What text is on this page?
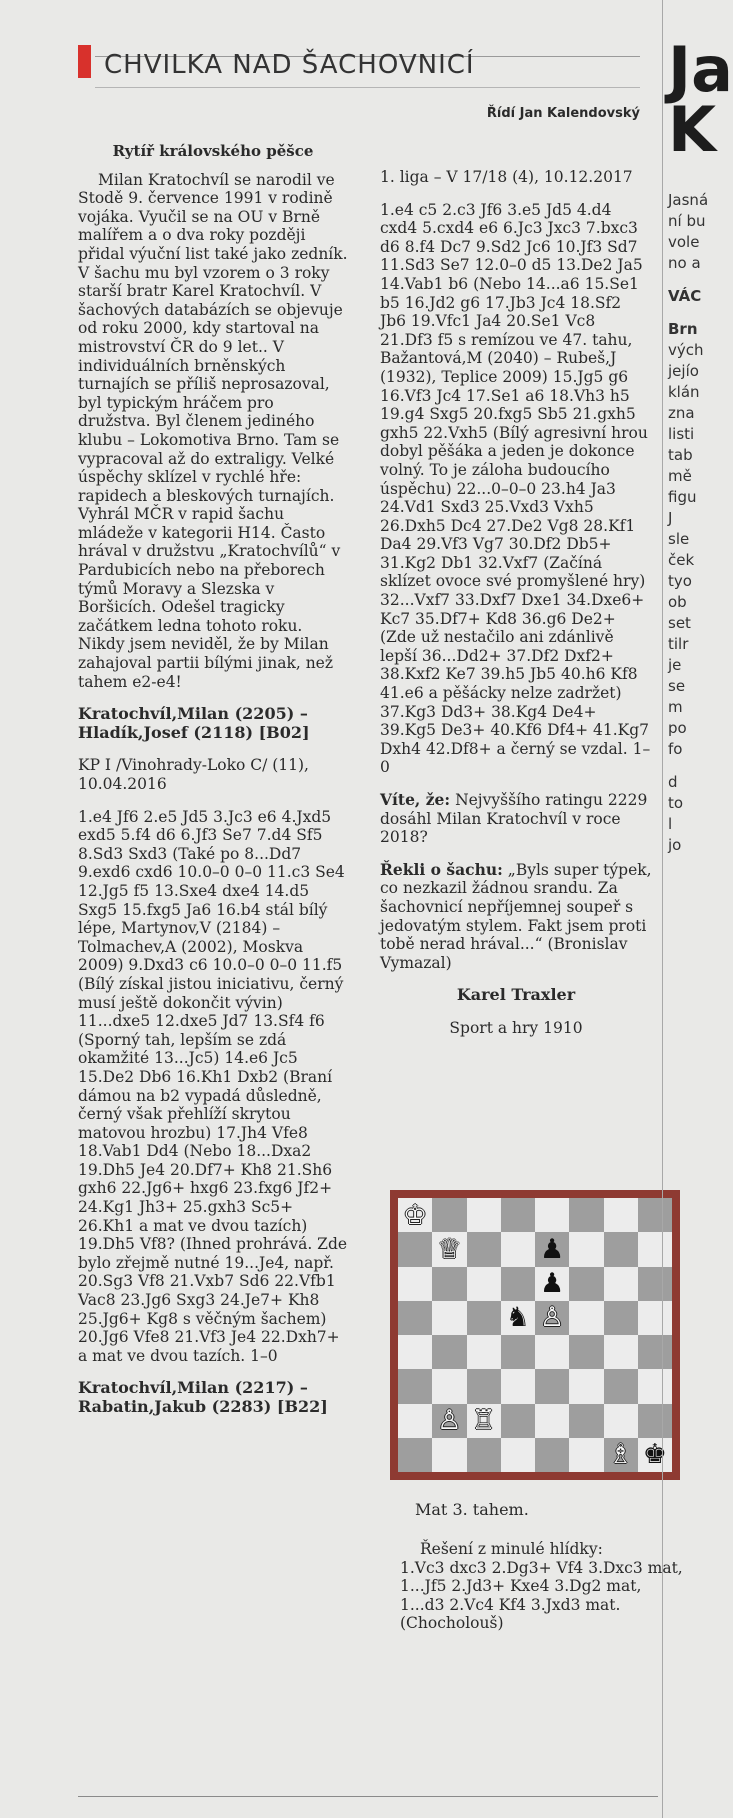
CHVILKA NAD ŠACHOVNICÍ
Řídí Jan Kalendovský

Rytíř královského pěšce

Milan Kratochvíl se narodil ve Stodě 9. července 1991 v rodině vojáka. Vyučil se na OU v Brně malířem a o dva roky později přidal výuční list také jako zedník. V šachu mu byl vzorem o 3 roky starší bratr Karel Kratochvíl. V šachových databázích se objevuje od roku 2000, kdy startoval na mistrovství ČR do 9 let.. V individuálních brněnských turnajích se příliš neprosazoval, byl typickým hráčem pro družstva. Byl členem jediného klubu – Lokomotiva Brno. Tam se vypracoval až do extraligy. Velké úspěchy sklízel v rychlé hře: rapidech a bleskových turnajích. Vyhrál MČR v rapid šachu mládeže v kategorii H14. Často hrával v družstvu „Kratochvílů“ v Pardubicích nebo na přeborech týmů Moravy a Slezska v Boršicích. Odešel tragicky začátkem ledna tohoto roku. Nikdy jsem neviděl, že by Milan zahajoval partii bílými jinak, než tahem e2-e4!

Kratochvíl,Milan (2205) – Hladík,Josef (2118) [B02]

KP I /Vinohrady-Loko C/ (11), 10.04.2016

1.e4 Jf6 2.e5 Jd5 3.Jc3 e6 4.Jxd5 exd5 5.f4 d6 6.Jf3 Se7 7.d4 Sf5 8.Sd3 Sxd3 (Také po 8...Dd7 9.exd6 cxd6 10.0–0 0–0 11.c3 Se4 12.Jg5 f5 13.Sxe4 dxe4 14.d5 Sxg5 15.fxg5 Ja6 16.b4 stál bílý lépe, Martynov,V (2184) – Tolmachev,A (2002), Moskva 2009) 9.Dxd3 c6 10.0–0 0–0 11.f5 (Bílý získal jistou iniciativu, černý musí ještě dokončit vývin) 11...dxe5 12.dxe5 Jd7 13.Sf4 f6 (Sporný tah, lepším se zdá okamžité 13...Jc5) 14.e6 Jc5 15.De2 Db6 16.Kh1 Dxb2 (Braní dámou na b2 vypadá důsledně, černý však přehlíží skrytou matovou hrozbu) 17.Jh4 Vfe8 18.Vab1 Dd4 (Nebo 18...Dxa2 19.Dh5 Je4 20.Df7+ Kh8 21.Sh6 gxh6 22.Jg6+ hxg6 23.fxg6 Jf2+ 24.Kg1 Jh3+ 25.gxh3 Sc5+ 26.Kh1 a mat ve dvou tazích) 19.Dh5 Vf8? (Ihned prohrává. Zde bylo zřejmě nutné 19...Je4, např. 20.Sg3 Vf8 21.Vxb7 Sd6 22.Vfb1 Vac8 23.Jg6 Sxg3 24.Je7+ Kh8 25.Jg6+ Kg8 s věčným šachem) 20.Jg6 Vfe8 21.Vf3 Je4 22.Dxh7+ a mat ve dvou tazích. 1–0

Kratochvíl,Milan (2217) – Rabatin,Jakub (2283) [B22]

1. liga – V 17/18 (4), 10.12.2017

1.e4 c5 2.c3 Jf6 3.e5 Jd5 4.d4 cxd4 5.cxd4 e6 6.Jc3 Jxc3 7.bxc3 d6 8.f4 Dc7 9.Sd2 Jc6 10.Jf3 Sd7 11.Sd3 Se7 12.0–0 d5 13.De2 Ja5 14.Vab1 b6 (Nebo 14...a6 15.Se1 b5 16.Jd2 g6 17.Jb3 Jc4 18.Sf2 Jb6 19.Vfc1 Ja4 20.Se1 Vc8 21.Df3 f5 s remízou ve 47. tahu, Bažantová,M (2040) – Rubeš,J (1932), Teplice 2009) 15.Jg5 g6 16.Vf3 Jc4 17.Se1 a6 18.Vh3 h5 19.g4 Sxg5 20.fxg5 Sb5 21.gxh5 gxh5 22.Vxh5 (Bílý agresivní hrou dobyl pěšáka a jeden je dokonce volný. To je záloha budoucího úspěchu) 22...0–0–0 23.h4 Ja3 24.Vd1 Sxd3 25.Vxd3 Vxh5 26.Dxh5 Dc4 27.De2 Vg8 28.Kf1 Da4 29.Vf3 Vg7 30.Df2 Db5+ 31.Kg2 Db1 32.Vxf7 (Začíná sklízet ovoce své promyšlené hry) 32...Vxf7 33.Dxf7 Dxe1 34.Dxe6+ Kc7 35.Df7+ Kd8 36.g6 De2+ (Zde už nestačilo ani zdánlivě lepší 36...Dd2+ 37.Df2 Dxf2+ 38.Kxf2 Ke7 39.h5 Jb5 40.h6 Kf8 41.e6 a pěšácky nelze zadržet) 37.Kg3 Dd3+ 38.Kg4 De4+ 39.Kg5 De3+ 40.Kf6 Df4+ 41.Kg7 Dxh4 42.Df8+ a černý se vzdal. 1–0

Víte, že: Nejvyššího ratingu 2229 dosáhl Milan Kratochvíl v roce 2018?

Řekli o šachu: „Byls super týpek, co nezkazil žádnou srandu. Za šachovnicí nepříjemnej soupeř s jedovatým stylem. Fakt jsem proti tobě nerad hrával...“ (Bronislav Vymazal)

Karel Traxler

Sport a hry 1910

♔
♕	♟
♟
♞ ♙
♙ ♖
♗ ♚
Mat 3. tahem.

Řešení z minulé hlídky:

1.Vc3 dxc3 2.Dg3+ Vf4 3.Dxc3 mat, 1...Jf5 2.Jd3+ Kxe4 3.Dg2 mat, 1...d3 2.Vc4 Kf4 3.Jxd3 mat. (Chocholouš)

Ja
K
Jasná
ní bu
vole
no a
VÁC
Brn
vých
jejío
klán
zna
listi
tab
mě
figu
J
sle
ček
tyo
ob
set
tilr
je
se
m
po
fo
d
to
l
jo
